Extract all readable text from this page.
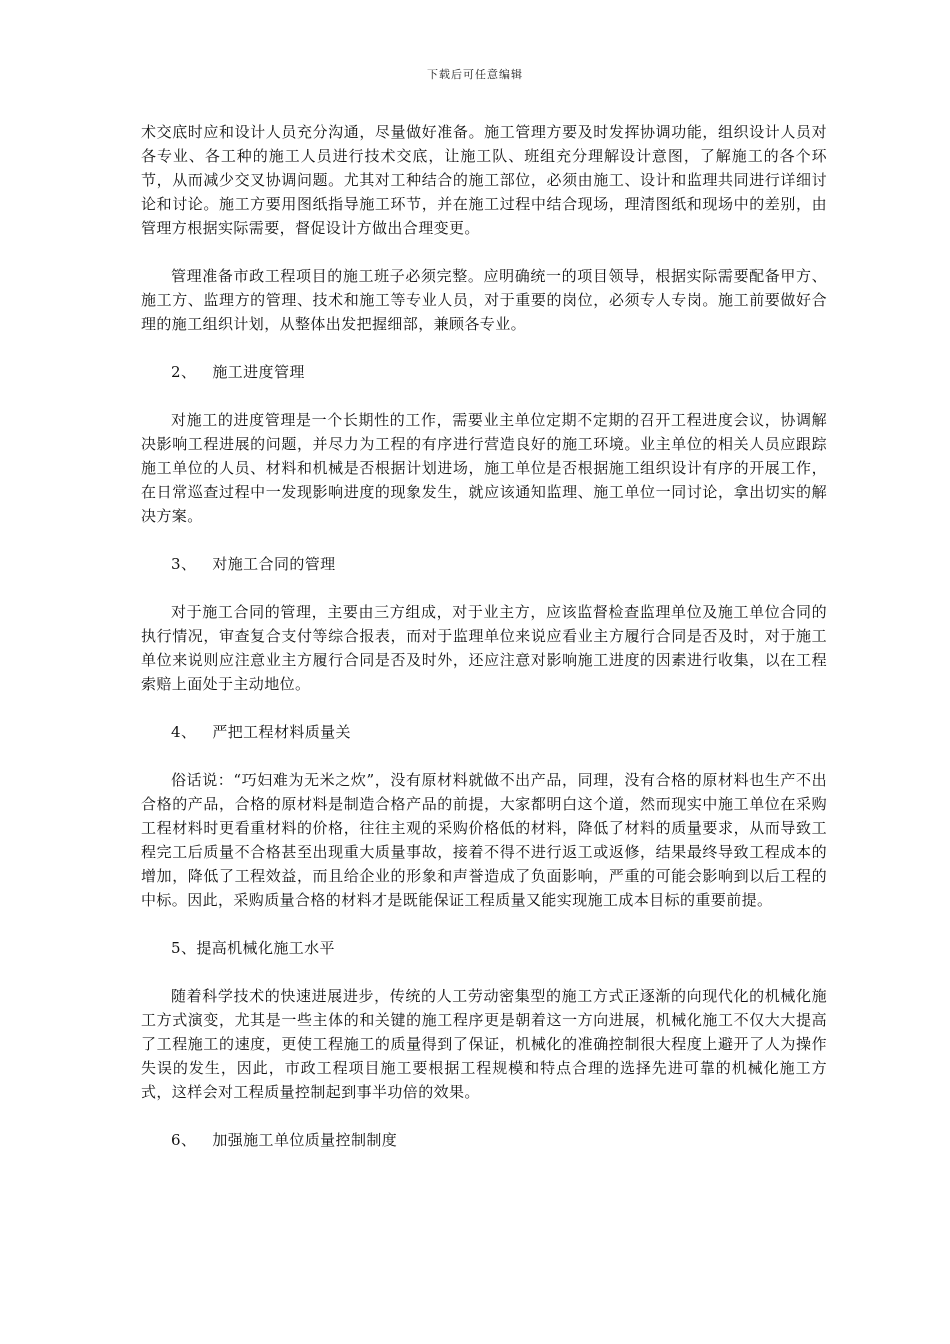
下载后可任意编辑

术交底时应和设计人员充分沟通，尽量做好准备。施工管理方要及时发挥协调功能，组织设计人员对各专业、各工种的施工人员进行技术交底，让施工队、班组充分理解设计意图，了解施工的各个环节，从而减少交叉协调问题。尤其对工种结合的施工部位，必须由施工、设计和监理共同进行详细讨论和讨论。施工方要用图纸指导施工环节，并在施工过程中结合现场，理清图纸和现场中的差别，由管理方根据实际需要，督促设计方做出合理变更。

管理准备市政工程项目的施工班子必须完整。应明确统一的项目领导，根据实际需要配备甲方、施工方、监理方的管理、技术和施工等专业人员，对于重要的岗位，必须专人专岗。施工前要做好合理的施工组织计划，从整体出发把握细部，兼顾各专业。

2、 施工进度管理

对施工的进度管理是一个长期性的工作，需要业主单位定期不定期的召开工程进度会议，协调解决影响工程进展的问题，并尽力为工程的有序进行营造良好的施工环境。业主单位的相关人员应跟踪施工单位的人员、材料和机械是否根据计划进场，施工单位是否根据施工组织设计有序的开展工作，在日常巡查过程中一发现影响进度的现象发生，就应该通知监理、施工单位一同讨论，拿出切实的解决方案。

3、 对施工合同的管理

对于施工合同的管理，主要由三方组成，对于业主方，应该监督检查监理单位及施工单位合同的执行情况，审查复合支付等综合报表，而对于监理单位来说应看业主方履行合同是否及时，对于施工单位来说则应注意业主方履行合同是否及时外，还应注意对影响施工进度的因素进行收集，以在工程索赔上面处于主动地位。

4、 严把工程材料质量关

俗话说：“巧妇难为无米之炊”，没有原材料就做不出产品，同理，没有合格的原材料也生产不出合格的产品，合格的原材料是制造合格产品的前提，大家都明白这个道，然而现实中施工单位在采购工程材料时更看重材料的价格，往往主观的采购价格低的材料，降低了材料的质量要求，从而导致工程完工后质量不合格甚至出现重大质量事故，接着不得不进行返工或返修，结果最终导致工程成本的增加，降低了工程效益，而且给企业的形象和声誉造成了负面影响，严重的可能会影响到以后工程的中标。因此，采购质量合格的材料才是既能保证工程质量又能实现施工成本目标的重要前提。

5、提高机械化施工水平

随着科学技术的快速进展进步，传统的人工劳动密集型的施工方式正逐渐的向现代化的机械化施工方式演变，尤其是一些主体的和关键的施工程序更是朝着这一方向进展，机械化施工不仅大大提高了工程施工的速度，更使工程施工的质量得到了保证，机械化的准确控制很大程度上避开了人为操作失误的发生，因此，市政工程项目施工要根据工程规模和特点合理的选择先进可靠的机械化施工方式，这样会对工程质量控制起到事半功倍的效果。

6、 加强施工单位质量控制制度
